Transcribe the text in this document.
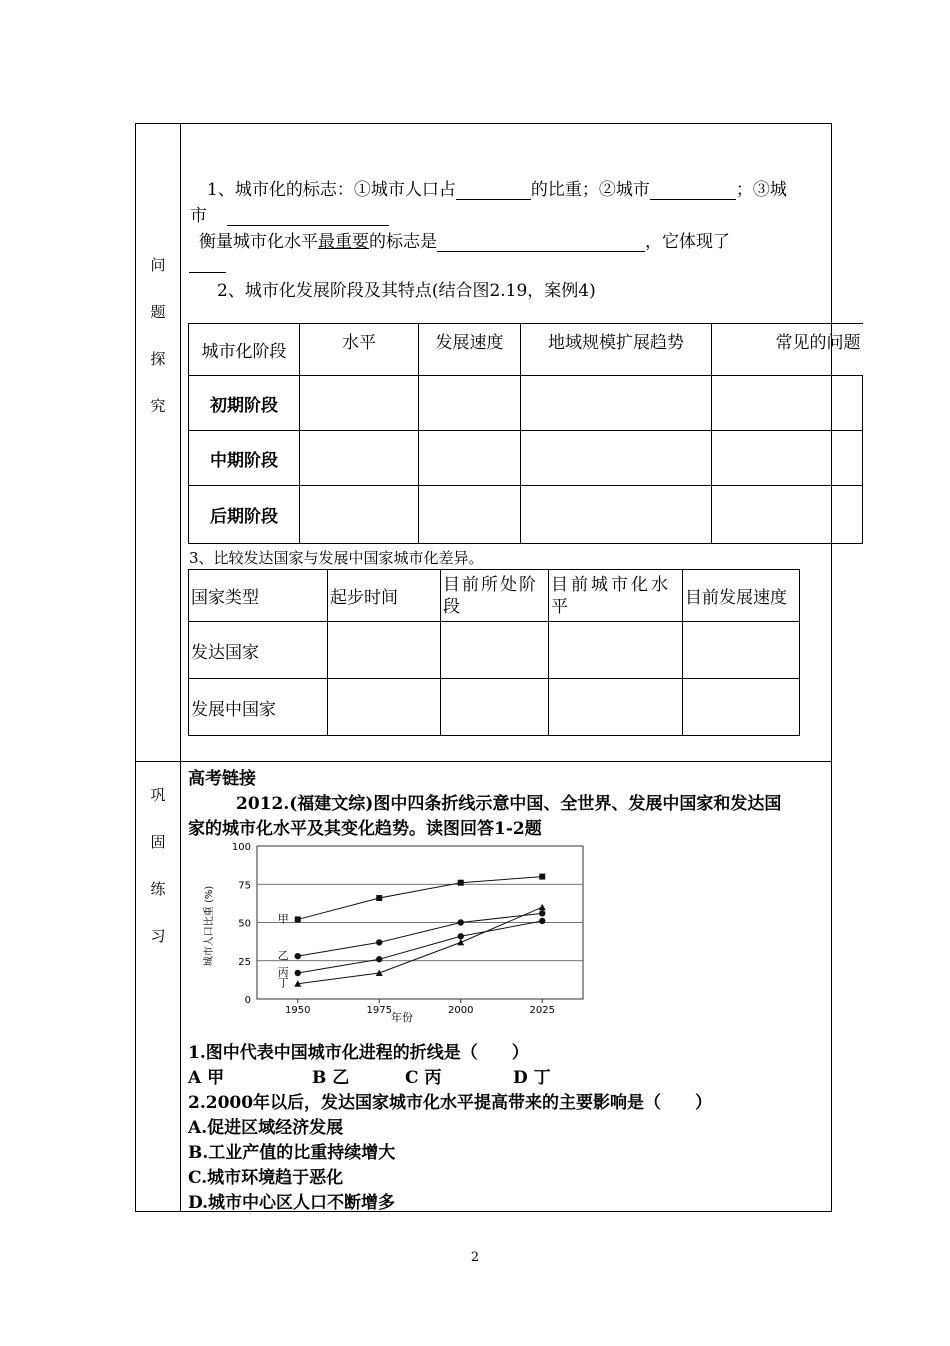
问
题
探
究
巩
固
练
习
1、城市化的标志：①城市人口占	的比重；②城市	；③城
市
衡量城市化水平最重要的标志是	，它体现了
2、城市化发展阶段及其特点(结合图2.19，案例4)
城市化阶段	水平	发展速度	地域规模扩展趋势	常见的问题
初期阶段				
中期阶段				
后期阶段				
3、比较发达国家与发展中国家城市化差异。
国家类型	起步时间	目前所处阶段	目前城市化水平	目前发展速度
发达国家				
发展中国家				
高考链接
2012.(福建文综)图中四条折线示意中国、全世界、发展中国家和发达国
家的城市化水平及其变化趋势。读图回答1-2题
甲
乙
丙
丁
0
25
50
75
100
1950	1975	2000	2025
城市人口比重 (%)
年份
1.图中代表中国城市化进程的折线是（　　）
A 甲	B 乙	C 丙	D 丁
2.2000年以后，发达国家城市化水平提高带来的主要影响是（　　）
A.促进区域经济发展
B.工业产值的比重持续增大
C.城市环境趋于恶化
D.城市中心区人口不断增多
2
